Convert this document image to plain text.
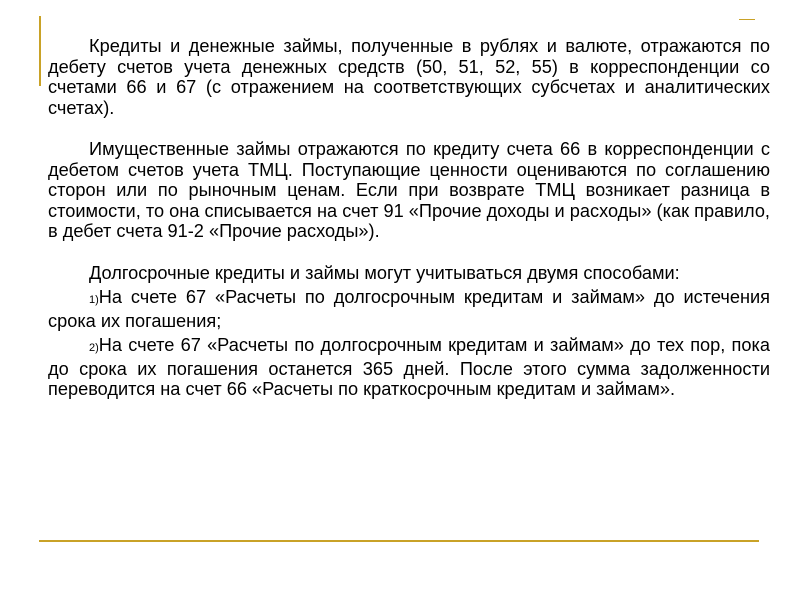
Кредиты и денежные займы, полученные в рублях и валюте, отражаются по дебету счетов учета денежных средств (50, 51, 52, 55) в корреспонденции со счетами 66 и 67 (с отражением на соответствующих субсчетах и аналитических счетах).

Имущественные займы отражаются по кредиту счета 66 в корреспонденции с дебетом счетов учета ТМЦ. Поступающие ценности оцениваются по соглашению сторон или по рыночным ценам. Если при возврате ТМЦ возникает разница в стоимости, то она списывается на счет 91 «Прочие доходы и расходы» (как правило, в дебет счета 91-2 «Прочие расходы»).

Долгосрочные кредиты и займы могут учитываться двумя способами:

1)На счете 67 «Расчеты по долгосрочным кредитам и займам» до истечения срока их погашения;

2)На счете 67 «Расчеты по долгосрочным кредитам и займам» до тех пор, пока до срока их погашения останется 365 дней. После этого сумма задолженности переводится на счет 66 «Расчеты по краткосрочным кредитам и займам».
